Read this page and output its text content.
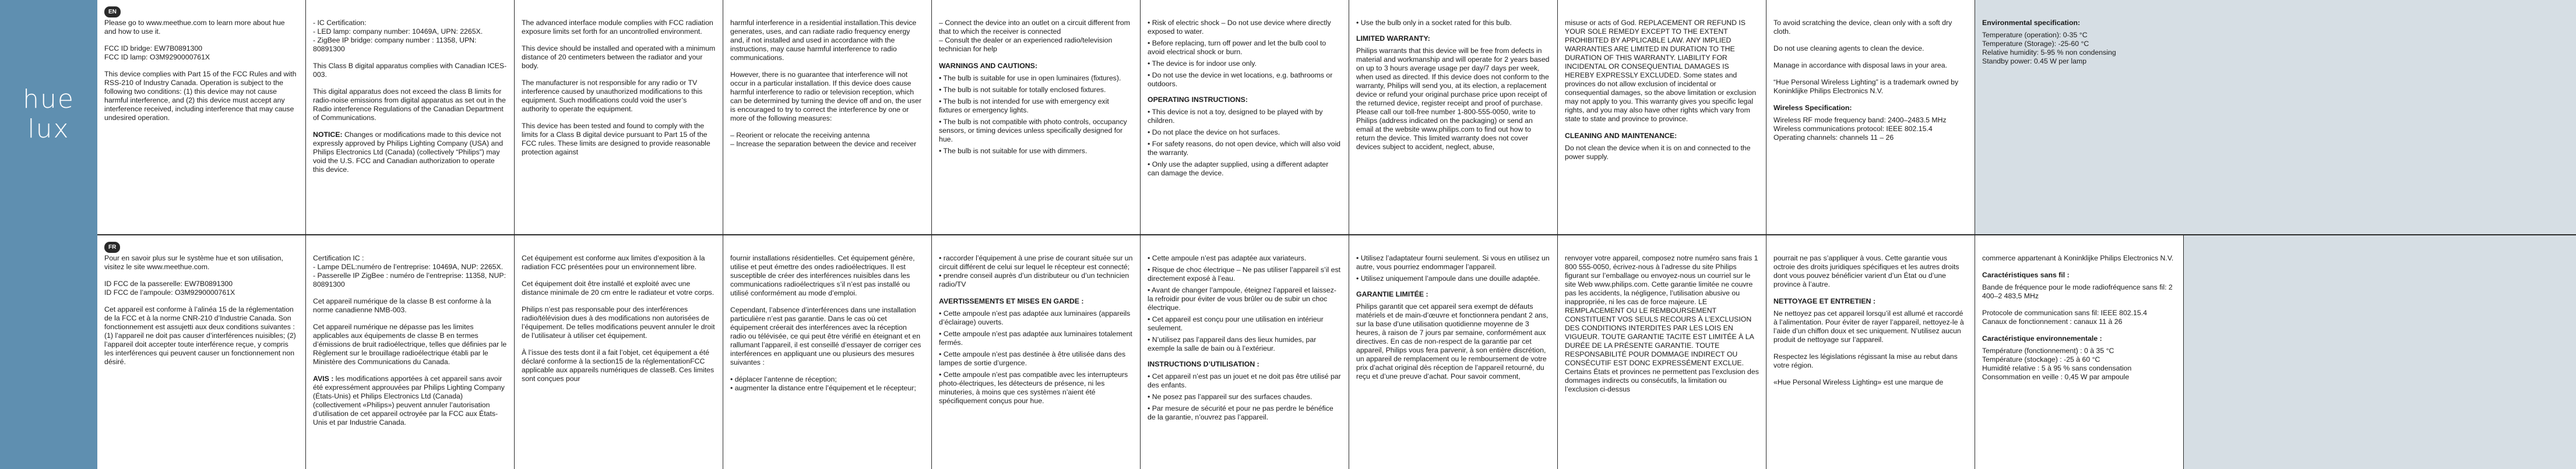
hue lux
EN

Please go to www.meethue.com to learn more about hue and how to use it.

FCC ID bridge: EW7B0891300
FCC ID lamp: O3M9290000761X

This device complies with Part 15 of the FCC Rules and with RSS-210 of Industry Canada. Operation is subject to the following two conditions: (1) this device may not cause harmful interference, and (2) this device must accept any interference received, including interference that may cause undesired operation.

- IC Certification:
- LED lamp: company number: 10469A, UPN: 2265X.
- ZigBee IP bridge: company number : 11358, UPN: 80891300

This Class B digital apparatus complies with Canadian ICES-003.

This digital apparatus does not exceed the class B limits for radio-noise emissions from digital apparatus as set out in the Radio interference Regulations of the Canadian Department of Communications.

NOTICE: Changes or modifications made to this device not expressly approved by Philips Lighting Company (USA) and Philips Electronics Ltd (Canada) (collectively “Philips”) may void the U.S. FCC and Canadian authorization to operate this device.

The advanced interface module complies with FCC radiation exposure limits set forth for an uncontrolled environment.

This device should be installed and operated with a minimum distance of 20 centimeters between the radiator and your body.

The manufacturer is not responsible for any radio or TV interference caused by unauthorized modifications to this equipment. Such modifications could void the user’s authority to operate the equipment.

This device has been tested and found to comply with the limits for a Class B digital device pursuant to Part 15 of the FCC rules. These limits are designed to provide reasonable protection against

harmful interference in a residential installation.This device generates, uses, and can radiate radio frequency energy and, if not installed and used in accordance with the instructions, may cause harmful interference to radio communications.

However, there is no guarantee that interference will not occur in a particular installation. If this device does cause harmful interference to radio or television reception, which can be determined by turning the device off and on, the user is encouraged to try to correct the interference by one or more of the following measures:

– Reorient or relocate the receiving antenna
– Increase the separation between the device and receiver

– Connect the device into an outlet on a circuit different from that to which the receiver is connected
– Consult the dealer or an experienced radio/television technician for help

WARNINGS AND CAUTIONS:
• The bulb is suitable for use in open luminaires (fixtures).
• The bulb is not suitable for totally enclosed fixtures.
• The bulb is not intended for use with emergency exit fixtures or emergency lights.
• The bulb is not compatible with photo controls, occupancy sensors, or timing devices unless specifically designed for hue.
• The bulb is not suitable for use with dimmers.
• Risk of electric shock – Do not use device where directly exposed to water.
• Before replacing, turn off power and let the bulb cool to avoid electrical shock or burn.
• The device is for indoor use only.
• Do not use the device in wet locations, e.g. bathrooms or outdoors.
OPERATING INSTRUCTIONS:
• This device is not a toy, designed to be played with by children.
• Do not place the device on hot surfaces.
• For safety reasons, do not open device, which will also void the warranty.
• Only use the adapter supplied, using a different adapter can damage the device.
• Use the bulb only in a socket rated for this bulb.
LIMITED WARRANTY:

Philips warrants that this device will be free from defects in material and workmanship and will operate for 2 years based on up to 3 hours average usage per day/7 days per week, when used as directed. If this device does not conform to the warranty, Philips will send you, at its election, a replacement device or refund your original purchase price upon receipt of the returned device, register receipt and proof of purchase. Please call our toll-free number 1-800-555-0050, write to Philips (address indicated on the packaging) or send an email at the website www.philips.com to find out how to return the device. This limited warranty does not cover devices subject to accident, neglect, abuse,

misuse or acts of God. REPLACEMENT OR REFUND IS YOUR SOLE REMEDY EXCEPT TO THE EXTENT PROHIBITED BY APPLICABLE LAW. ANY IMPLIED WARRANTIES ARE LIMITED IN DURATION TO THE DURATION OF THIS WARRANTY. LIABILITY FOR INCIDENTAL OR CONSEQUENTIAL DAMAGES IS HEREBY EXPRESSLY EXCLUDED. Some states and provinces do not allow exclusion of incidental or consequential damages, so the above limitation or exclusion may not apply to you. This warranty gives you specific legal rights, and you may also have other rights which vary from state to state and province to province.

CLEANING AND MAINTENANCE:

Do not clean the device when it is on and connected to the power supply.

To avoid scratching the device, clean only with a soft dry cloth.

Do not use cleaning agents to clean the device.

Manage in accordance with disposal laws in your area.

“Hue Personal Wireless Lighting” is a trademark owned by Koninklijke Philips Electronics N.V.

Wireless Specification:

Wireless RF mode frequency band: 2400–2483.5 MHz
Wireless communications protocol: IEEE 802.15.4
Operating channels: channels 11 – 26

Environmental specification:

Temperature (operation): 0-35 °C
Temperature (Storage): -25-60 °C
Relative humidity: 5-95 % non condensing
Standby power: 0.45 W per lamp

FR

Pour en savoir plus sur le système hue et son utilisation, visitez le site www.meethue.com.

ID FCC de la passerelle: EW7B0891300
ID FCC de l’ampoule: O3M9290000761X

Cet appareil est conforme à l’alinéa 15 de la réglementation de la FCC et à la norme CNR-210 d’Industrie Canada. Son fonctionnement est assujetti aux deux conditions suivantes : (1) l’appareil ne doit pas causer d’interférences nuisibles; (2) l’appareil doit accepter toute interférence reçue, y compris les interférences qui peuvent causer un fonctionnement non désiré.

Certification IC :
- Lampe DEL:numéro de l’entreprise: 10469A, NUP: 2265X.
- Passerelle IP ZigBee : numéro de l’entreprise: 11358, NUP: 80891300

Cet appareil numérique de la classe B est conforme à la norme canadienne NMB-003.

Cet appareil numérique ne dépasse pas les limites applicables aux équipements de classe B en termes d’émissions de bruit radioélectrique, telles que définies par le Règlement sur le brouillage radioélectrique établi par le Ministère des Communications du Canada.

AVIS : les modifications apportées à cet appareil sans avoir été expressément approuvées par Philips Lighting Company (États-Unis) et Philips Electronics Ltd (Canada) (collectivement «Philips») peuvent annuler l’autorisation d’utilisation de cet appareil octroyée par la FCC aux États-Unis et par Industrie Canada.

Cet équipement est conforme aux limites d’exposition à la radiation FCC présentées pour un environnement libre.

Cet équipement doit être installé et exploité avec une distance minimale de 20 cm entre le radiateur et votre corps.

Philips n’est pas responsable pour des interférences radio/télévision dues à des modifications non autorisées de l’équipement. De telles modifications peuvent annuler le droit de l’utilisateur à utiliser cet équipement.

À l’issue des tests dont il a fait l’objet, cet équipement a été déclaré conforme à la section15 de la réglementationFCC applicable aux appareils numériques de classeB. Ces limites sont conçues pour

fournir installations résidentielles. Cet équipement génère, utilise et peut émettre des ondes radioélectriques. Il est susceptible de créer des interférences nuisibles dans les communications radioélectriques s’il n’est pas installé ou utilisé conformément au mode d’emploi.

Cependant, l’absence d’interférences dans une installation particulière n’est pas garantie. Dans le cas où cet équipement créerait des interférences avec la réception radio ou télévisée, ce qui peut être vérifié en éteignant et en rallumant l’appareil, il est conseillé d’essayer de corriger ces interférences en appliquant une ou plusieurs des mesures suivantes :

• déplacer l’antenne de réception;
• augmenter la distance entre l’équipement et le récepteur;

• raccorder l’équipement à une prise de courant située sur un circuit différent de celui sur lequel le récepteur est connecté;
• prendre conseil auprès d’un distributeur ou d’un technicien radio/TV

AVERTISSEMENTS ET MISES EN GARDE :
• Cette ampoule n’est pas adaptée aux luminaires (appareils d’éclairage) ouverts.
• Cette ampoule n’est pas adaptée aux luminaires totalement fermés.
• Cette ampoule n’est pas destinée à être utilisée dans des lampes de sortie d’urgence.
• Cette ampoule n’est pas compatible avec les interrupteurs photo-électriques, les détecteurs de présence, ni les minuteries, à moins que ces systèmes n’aient été spécifiquement conçus pour hue.
• Cette ampoule n’est pas adaptée aux variateurs.
• Risque de choc électrique – Ne pas utiliser l’appareil s’il est directement exposé à l’eau.
• Avant de changer l’ampoule, éteignez l’appareil et laissez-la refroidir pour éviter de vous brûler ou de subir un choc électrique.
• Cet appareil est conçu pour une utilisation en intérieur seulement.
• N’utilisez pas l’appareil dans des lieux humides, par exemple la salle de bain ou à l’extérieur.
INSTRUCTIONS D’UTILISATION :
• Cet appareil n’est pas un jouet et ne doit pas être utilisé par des enfants.
• Ne posez pas l’appareil sur des surfaces chaudes.
• Par mesure de sécurité et pour ne pas perdre le bénéfice de la garantie, n’ouvrez pas l’appareil.
• Utilisez l’adaptateur fourni seulement. Si vous en utilisez un autre, vous pourriez endommager l’appareil.
• Utilisez uniquement l’ampoule dans une douille adaptée.
GARANTIE LIMITÉE :

Philips garantit que cet appareil sera exempt de défauts matériels et de main-d’œuvre et fonctionnera pendant 2 ans, sur la base d’une utilisation quotidienne moyenne de 3 heures, à raison de 7 jours par semaine, conformément aux directives. En cas de non-respect de la garantie par cet appareil, Philips vous fera parvenir, à son entière discrétion, un appareil de remplacement ou le remboursement de votre prix d’achat original dès réception de l’appareil retourné, du reçu et d’une preuve d’achat. Pour savoir comment,

renvoyer votre appareil, composez notre numéro sans frais 1 800 555-0050, écrivez-nous à l’adresse du site Philips figurant sur l’emballage ou envoyez-nous un courriel sur le site Web www.philips.com. Cette garantie limitée ne couvre pas les accidents, la négligence, l’utilisation abusive ou inappropriée, ni les cas de force majeure. LE REMPLACEMENT OU LE REMBOURSEMENT CONSTITUENT VOS SEULS RECOURS À L’EXCLUSION DES CONDITIONS INTERDITES PAR LES LOIS EN VIGUEUR. TOUTE GARANTIE TACITE EST LIMITÉE À LA DURÉE DE LA PRÉSENTE GARANTIE. TOUTE RESPONSABILITÉ POUR DOMMAGE INDIRECT OU CONSÉCUTIF EST DONC EXPRESSÉMENT EXCLUE. Certains États et provinces ne permettent pas l’exclusion des dommages indirects ou consécutifs, la limitation ou l’exclusion ci-dessus

pourrait ne pas s’appliquer à vous. Cette garantie vous octroie des droits juridiques spécifiques et les autres droits dont vous pouvez bénéficier varient d’un État ou d’une province à l’autre.

NETTOYAGE ET ENTRETIEN :

Ne nettoyez pas cet appareil lorsqu’il est allumé et raccordé à l’alimentation. Pour éviter de rayer l’appareil, nettoyez-le à l’aide d’un chiffon doux et sec uniquement. N’utilisez aucun produit de nettoyage sur l’appareil.

Respectez les législations régissant la mise au rebut dans votre région.

«Hue Personal Wireless Lighting» est une marque de

commerce appartenant à Koninklijke Philips Electronics N.V.

Caractéristiques sans fil :

Bande de fréquence pour le mode radiofréquence sans fil: 2 400–2 483,5 MHz

Protocole de communication sans fil: IEEE 802.15.4
Canaux de fonctionnement : canaux 11 à 26

Caractéristique environnementale :

Température (fonctionnement) : 0 à 35 °C
Température (stockage) : -25 à 60 °C
Humidité relative : 5 à 95 % sans condensation
Consommation en veille : 0,45 W par ampoule
